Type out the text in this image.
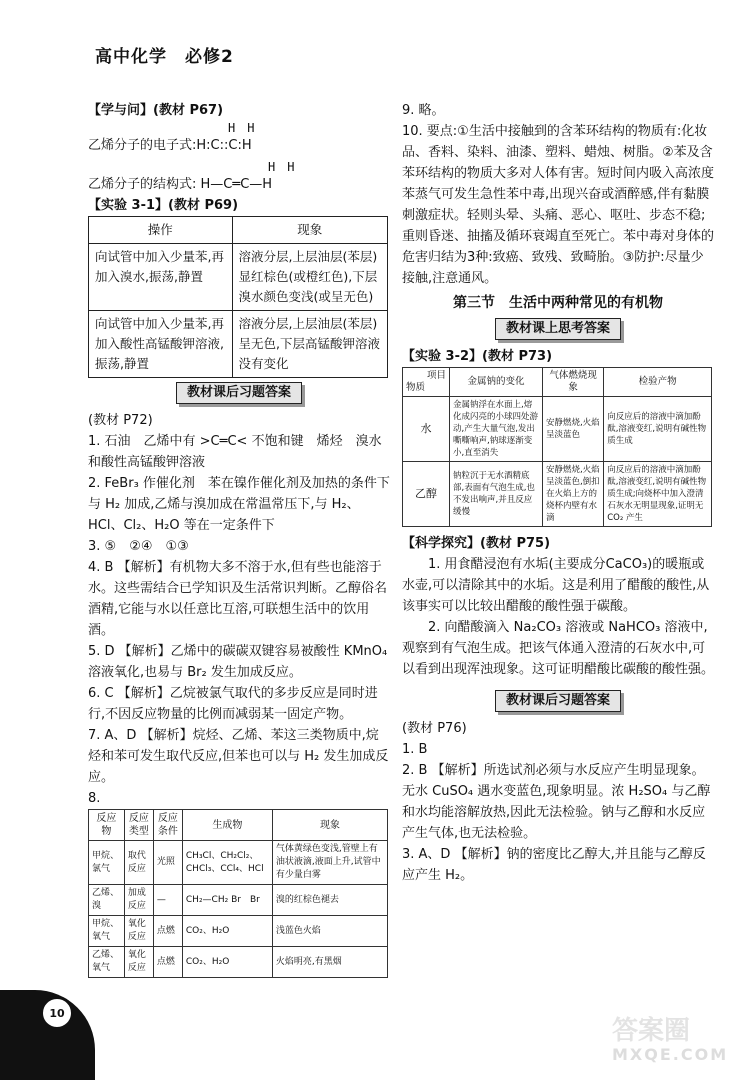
高中化学　必修2
【学与问】(教材 P67)
H　H
乙烯分子的电子式:H:C::C:H
H　H
乙烯分子的结构式: H—C═C—H
【实验 3-1】(教材 P69)
操作	现象
向试管中加入少量苯,再加入溴水,振荡,静置	溶液分层,上层油层(苯层)显红棕色(或橙红色),下层溴水颜色变浅(或呈无色)
向试管中加入少量苯,再加入酸性高锰酸钾溶液,振荡,静置	溶液分层,上层油层(苯层)呈无色,下层高锰酸钾溶液没有变化
教材课后习题答案
(教材 P72)
1. 石油　乙烯中有 >C═C< 不饱和键　烯烃　溴水和酸性高锰酸钾溶液
2. FeBr₃ 作催化剂　苯在镍作催化剂及加热的条件下与 H₂ 加成,乙烯与溴加成在常温常压下,与 H₂、HCl、Cl₂、H₂O 等在一定条件下
3. ⑤　②④　①③
4. B 【解析】有机物大多不溶于水,但有些也能溶于水。这些需结合已学知识及生活常识判断。乙醇俗名酒精,它能与水以任意比互溶,可联想生活中的饮用酒。
5. D 【解析】乙烯中的碳碳双键容易被酸性 KMnO₄ 溶液氧化,也易与 Br₂ 发生加成反应。
6. C 【解析】乙烷被氯气取代的多步反应是同时进行,不因反应物量的比例而减弱某一固定产物。
7. A、D 【解析】烷烃、乙烯、苯这三类物质中,烷烃和苯可发生取代反应,但苯也可以与 H₂ 发生加成反应。
8.
反应物	反应类型	反应条件	生成物	现象
甲烷、氯气	取代反应	光照	CH₃Cl、CH₂Cl₂、CHCl₃、CCl₄、HCl	气体黄绿色变浅,管壁上有油状液滴,液面上升,试管中有少量白雾
乙烯、溴	加成反应	—	CH₂—CH₂ Br　Br	溴的红棕色褪去
甲烷、氧气	氧化反应	点燃	CO₂、H₂O	浅蓝色火焰
乙烯、氧气	氧化反应	点燃	CO₂、H₂O	火焰明亮,有黑烟
9. 略。
10. 要点:①生活中接触到的含苯环结构的物质有:化妆品、香料、染料、油漆、塑料、蜡烛、树脂。②苯及含苯环结构的物质大多对人体有害。短时间内吸入高浓度苯蒸气可发生急性苯中毒,出现兴奋或酒醉感,伴有黏膜刺激症状。轻则头晕、头痛、恶心、呕吐、步态不稳;重则昏迷、抽搐及循环衰竭直至死亡。苯中毒对身体的危害归结为3种:致癌、致残、致畸胎。③防护:尽量少接触,注意通风。
第三节　生活中两种常见的有机物
教材课上思考答案
【实验 3-2】(教材 P73)
项目
物质	金属钠的变化	气体燃烧现象	检验产物
水	金属钠浮在水面上,熔化成闪亮的小球四处游动,产生大量气泡,发出嘶嘶响声,钠球逐渐变小,直至消失	安静燃烧,火焰呈淡蓝色	向反应后的溶液中滴加酚酞,溶液变红,说明有碱性物质生成
乙醇	钠粒沉于无水酒精底部,表面有气泡生成,也不发出响声,并且反应缓慢	安静燃烧,火焰呈淡蓝色,倒扣在火焰上方的烧杯内壁有水滴	向反应后的溶液中滴加酚酞,溶液变红,说明有碱性物质生成;向烧杯中加入澄清石灰水无明显现象,证明无 CO₂ 产生
【科学探究】(教材 P75)
1. 用食醋浸泡有水垢(主要成分CaCO₃)的暖瓶或水壶,可以清除其中的水垢。这是利用了醋酸的酸性,从该事实可以比较出醋酸的酸性强于碳酸。
2. 向醋酸滴入 Na₂CO₃ 溶液或 NaHCO₃ 溶液中,观察到有气泡生成。把该气体通入澄清的石灰水中,可以看到出现浑浊现象。这可证明醋酸比碳酸的酸性强。
教材课后习题答案
(教材 P76)
1. B
2. B 【解析】所选试剂必须与水反应产生明显现象。无水 CuSO₄ 遇水变蓝色,现象明显。浓 H₂SO₄ 与乙醇和水均能溶解放热,因此无法检验。钠与乙醇和水反应产生气体,也无法检验。
3. A、D 【解析】钠的密度比乙醇大,并且能与乙醇反应产生 H₂。
10
答案圈
MXQE.COM
